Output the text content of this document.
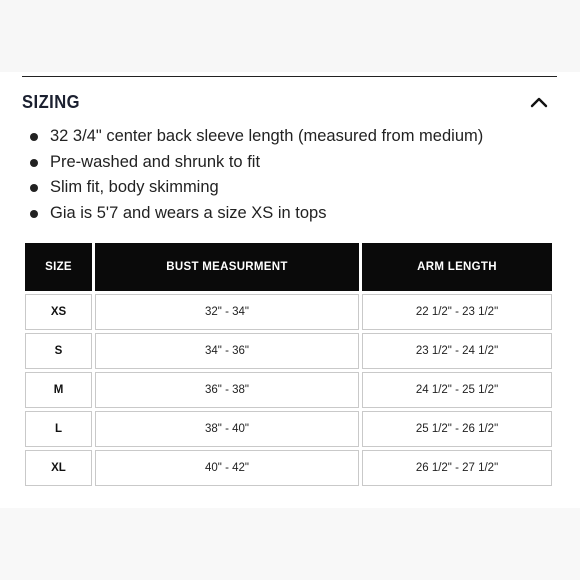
SIZING
32 3/4" center back sleeve length (measured from medium)
Pre-washed and shrunk to fit
Slim fit, body skimming
Gia is 5'7 and wears a size XS in tops
SIZE	BUST MEASURMENT	ARM LENGTH
XS	32" - 34"	22 1/2" - 23 1/2"
S	34" - 36"	23 1/2" - 24 1/2"
M	36" - 38"	24 1/2" - 25 1/2"
L	38" - 40"	25 1/2" - 26 1/2"
XL	40" - 42"	26 1/2" - 27 1/2"
